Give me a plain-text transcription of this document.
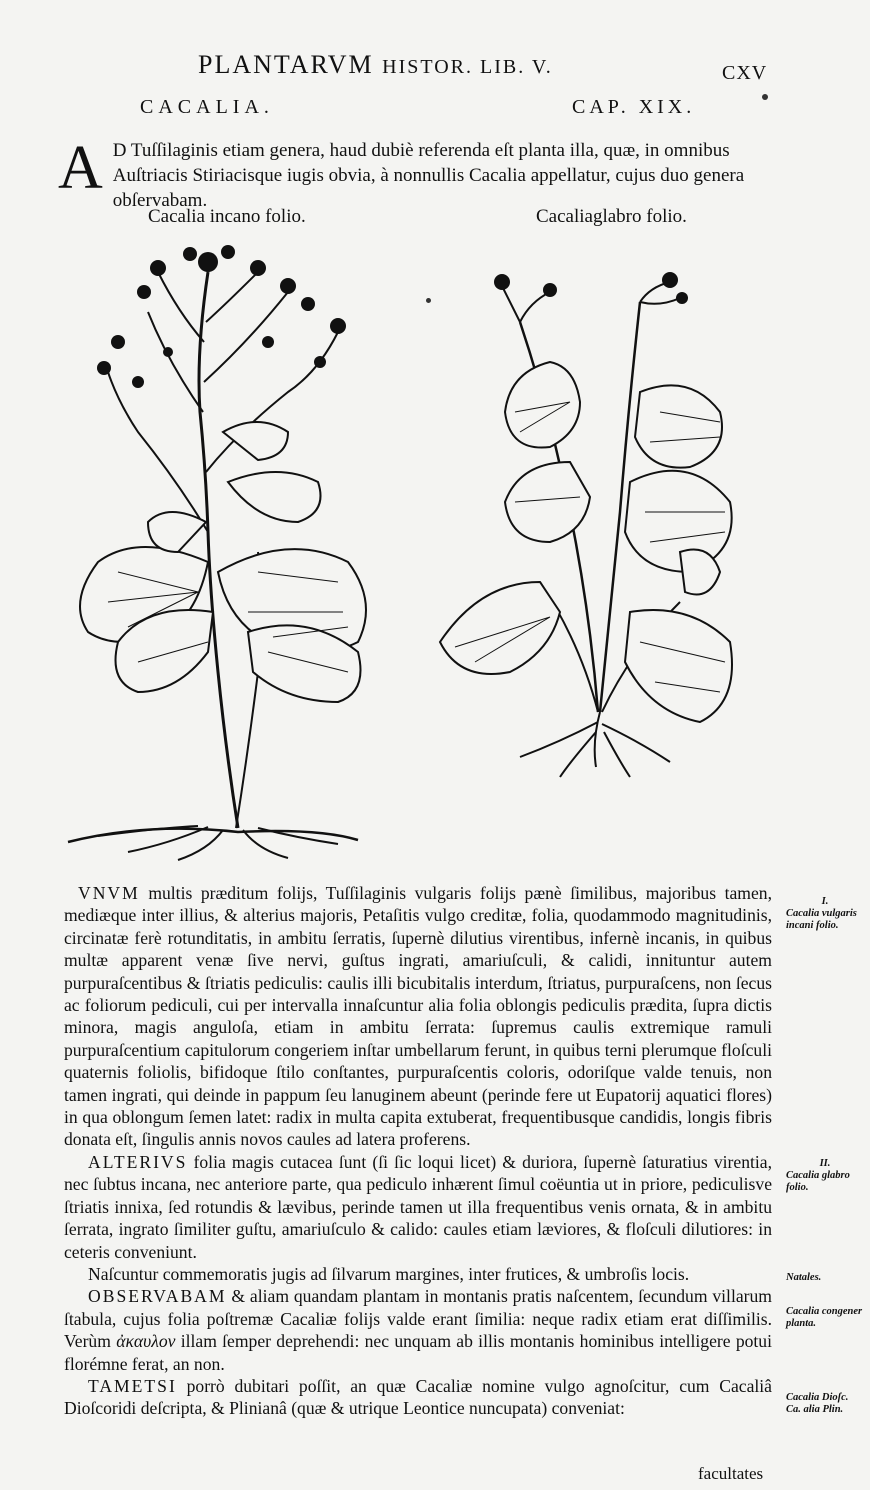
PLANTARVM HISTOR. LIB. V.	CXV
CACALIA.	CAP. XIX.
A D Tuſſilaginis etiam genera, haud dubiè referenda eſt planta illa, quæ, in omnibus Auſtriacis Stiriacisque iugis obvia, à nonnullis Cacalia appellatur, cujus duo genera obſervabam.
Cacalia incano folio.	Cacaliaglabro folio.

VNVM multis præditum folijs, Tuſſilaginis vulgaris folijs pænè ſimilibus, majoribus tamen, mediæque inter illius, & alterius majoris, Petaſitis vulgo creditæ, folia, quodammodo magnitudinis, circinatæ ferè rotunditatis, in ambitu ſerratis, ſupernè dilutius virentibus, infernè incanis, in quibus multæ apparent venæ ſive nervi, guſtus ingrati, amariuſculi, & calidi, innituntur autem purpuraſcentibus & ſtriatis pediculis: caulis illi bicubitalis interdum, ſtriatus, purpuraſcens, non ſecus ac foliorum pediculi, cui per intervalla innaſcuntur alia folia oblongis pediculis prædita, ſupra dictis minora, magis anguloſa, etiam in ambitu ſerrata: ſupremus caulis extremique ramuli purpuraſcentium capitulorum congeriem inſtar umbellarum ferunt, in quibus terni plerumque floſculi quaternis foliolis, bifidoque ſtilo conſtantes, purpuraſcentis coloris, odoriſque valde tenuis, non tamen ingrati, qui deinde in pappum ſeu lanuginem abeunt (perinde fere ut Eupatorij aquatici flores) in qua oblongum ſemen latet: radix in multa capita extuberat, frequentibusque candidis, longis fibris donata eſt, ſingulis annis novos caules ad latera proferens.

ALTERIVS folia magis cutacea ſunt (ſi ſic loqui licet) & duriora, ſupernè ſaturatius virentia, nec ſubtus incana, nec anteriore parte, qua pediculo inhærent ſimul coëuntia ut in priore, pediculisve ſtriatis innixa, ſed rotundis & lævibus, perinde tamen ut illa frequentibus venis ornata, & in ambitu ſerrata, ingrato ſimiliter guſtu, amariuſculo & calido: caules etiam læviores, & floſculi dilutiores: in ceteris conveniunt.

Naſcuntur commemoratis jugis ad ſilvarum margines, inter frutices, & umbroſis locis.

OBSERVABAM & aliam quandam plantam in montanis pratis naſcentem, ſecundum villarum ſtabula, cujus folia poſtremæ Cacaliæ folijs valde erant ſimilia: neque radix etiam erat diſſimilis. Verùm ἀκαυλον illam ſemper deprehendi: nec unquam ab illis montanis hominibus intelligere potui florémne ferat, an non.

TAMETSI porrò dubitari poſſit, an quæ Cacaliæ nomine vulgo agnoſcitur, cum Cacaliâ Dioſcoridi deſcripta, & Plinianâ (quæ & utrique Leontice nuncupata) conveniat:

I.
Cacalia vulgaris incani folio.
II.
Cacalia glabro folio.
Natales.
Cacalia congener planta.
Cacalia Dioſc. Ca. alia Plin.
facultates
